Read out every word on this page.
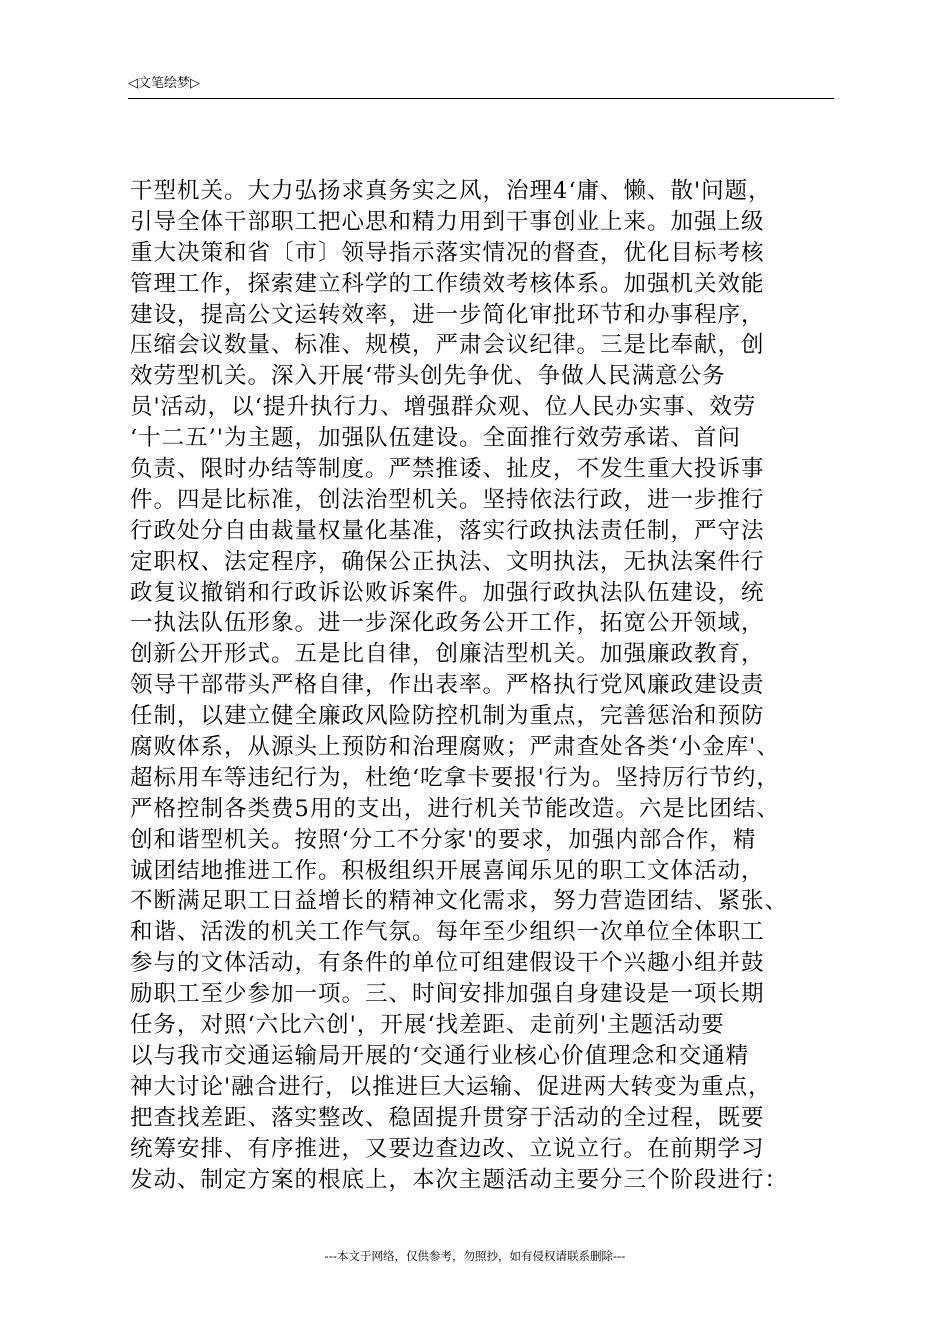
◁文笔绘梦▷
干型机关。大力弘扬求真务实之风，治理4‘庸、懒、散'问题，
引导全体干部职工把心思和精力用到干事创业上来。加强上级
重大决策和省〔市〕领导指示落实情况的督查，优化目标考核
管理工作，探索建立科学的工作绩效考核体系。加强机关效能
建设，提高公文运转效率，进一步简化审批环节和办事程序，
压缩会议数量、标准、规模，严肃会议纪律。三是比奉献，创
效劳型机关。深入开展‘带头创先争优、争做人民满意公务
员'活动，以‘提升执行力、增强群众观、位人民办实事、效劳
‘十二五’'为主题，加强队伍建设。全面推行效劳承诺、首问
负责、限时办结等制度。严禁推诿、扯皮，不发生重大投诉事
件。四是比标准，创法治型机关。坚持依法行政，进一步推行
行政处分自由裁量权量化基准，落实行政执法责任制，严守法
定职权、法定程序，确保公正执法、文明执法，无执法案件行
政复议撤销和行政诉讼败诉案件。加强行政执法队伍建设，统
一执法队伍形象。进一步深化政务公开工作，拓宽公开领域，
创新公开形式。五是比自律，创廉洁型机关。加强廉政教育，
领导干部带头严格自律，作出表率。严格执行党风廉政建设责
任制，以建立健全廉政风险防控机制为重点，完善惩治和预防
腐败体系，从源头上预防和治理腐败；严肃查处各类‘小金库'、
超标用车等违纪行为，杜绝‘吃拿卡要报'行为。坚持厉行节约，
严格控制各类费5用的支出，进行机关节能改造。六是比团结、
创和谐型机关。按照‘分工不分家'的要求，加强内部合作，精
诚团结地推进工作。积极组织开展喜闻乐见的职工文体活动，
不断满足职工日益增长的精神文化需求，努力营造团结、紧张、
和谐、活泼的机关工作气氛。每年至少组织一次单位全体职工
参与的文体活动，有条件的单位可组建假设干个兴趣小组并鼓
励职工至少参加一项。三、时间安排加强自身建设是一项长期
任务，对照‘六比六创'，开展‘找差距、走前列'主题活动要
以与我市交通运输局开展的‘交通行业核心价值理念和交通精
神大讨论'融合进行，以推进巨大运输、促进两大转变为重点，
把查找差距、落实整改、稳固提升贯穿于活动的全过程，既要
统筹安排、有序推进，又要边查边改、立说立行。在前期学习
发动、制定方案的根底上，本次主题活动主要分三个阶段进行：
---本文于网络，仅供参考，勿照抄，如有侵权请联系删除---
